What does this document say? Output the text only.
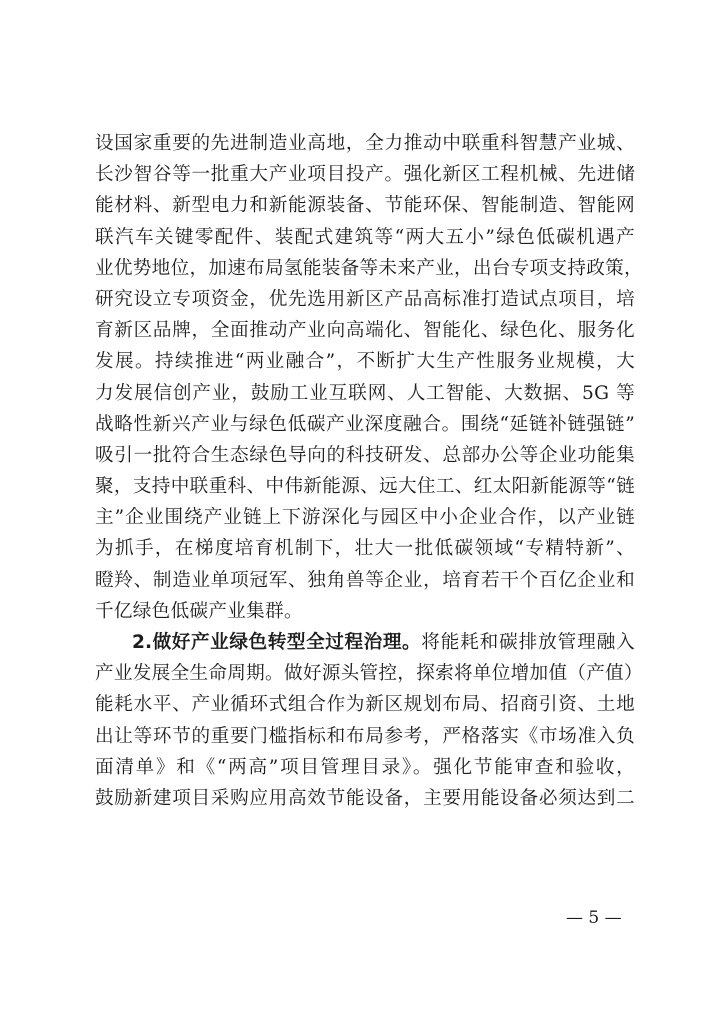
设国家重要的先进制造业高地，全力推动中联重科智慧产业城、
长沙智谷等一批重大产业项目投产。强化新区工程机械、先进储
能材料、新型电力和新能源装备、节能环保、智能制造、智能网
联汽车关键零配件、装配式建筑等“两大五小”绿色低碳机遇产
业优势地位，加速布局氢能装备等未来产业，出台专项支持政策，
研究设立专项资金，优先选用新区产品高标准打造试点项目，培
育新区品牌，全面推动产业向高端化、智能化、绿色化、服务化
发展。持续推进“两业融合”，不断扩大生产性服务业规模，大
力发展信创产业，鼓励工业互联网、人工智能、大数据、5G 等
战略性新兴产业与绿色低碳产业深度融合。围绕“延链补链强链”
吸引一批符合生态绿色导向的科技研发、总部办公等企业功能集
聚，支持中联重科、中伟新能源、远大住工、红太阳新能源等“链
主”企业围绕产业链上下游深化与园区中小企业合作，以产业链
为抓手，在梯度培育机制下，壮大一批低碳领域“专精特新”、
瞪羚、制造业单项冠军、独角兽等企业，培育若干个百亿企业和
千亿绿色低碳产业集群。
2.做好产业绿色转型全过程治理。将能耗和碳排放管理融入
产业发展全生命周期。做好源头管控，探索将单位增加值（产值）
能耗水平、产业循环式组合作为新区规划布局、招商引资、土地
出让等环节的重要门槛指标和布局参考，严格落实《市场准入负
面清单》和《“两高”项目管理目录》。强化节能审查和验收，
鼓励新建项目采购应用高效节能设备，主要用能设备必须达到二
— 5 —
